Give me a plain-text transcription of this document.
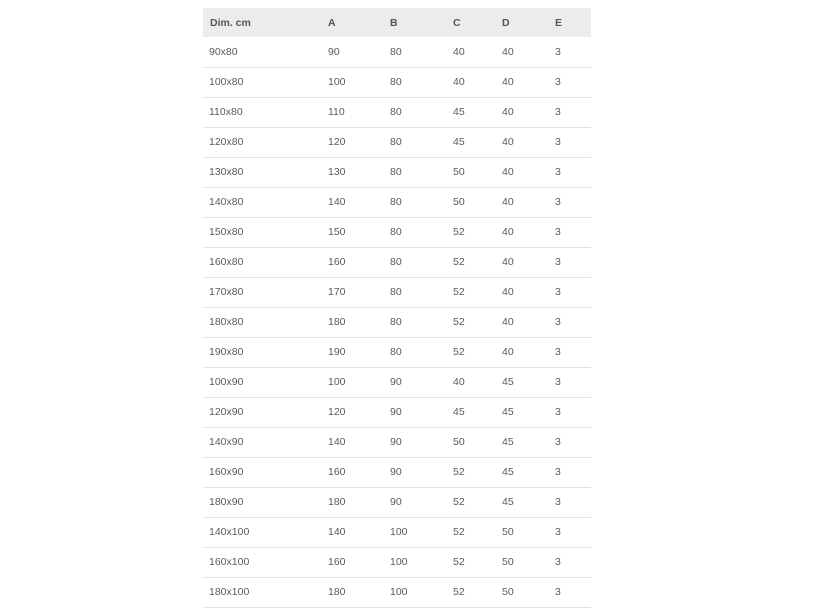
Dim. cm	A	B	C	D	E
90x80	90	80	40	40	3
100x80	100	80	40	40	3
110x80	110	80	45	40	3
120x80	120	80	45	40	3
130x80	130	80	50	40	3
140x80	140	80	50	40	3
150x80	150	80	52	40	3
160x80	160	80	52	40	3
170x80	170	80	52	40	3
180x80	180	80	52	40	3
190x80	190	80	52	40	3
100x90	100	90	40	45	3
120x90	120	90	45	45	3
140x90	140	90	50	45	3
160x90	160	90	52	45	3
180x90	180	90	52	45	3
140x100	140	100	52	50	3
160x100	160	100	52	50	3
180x100	180	100	52	50	3
